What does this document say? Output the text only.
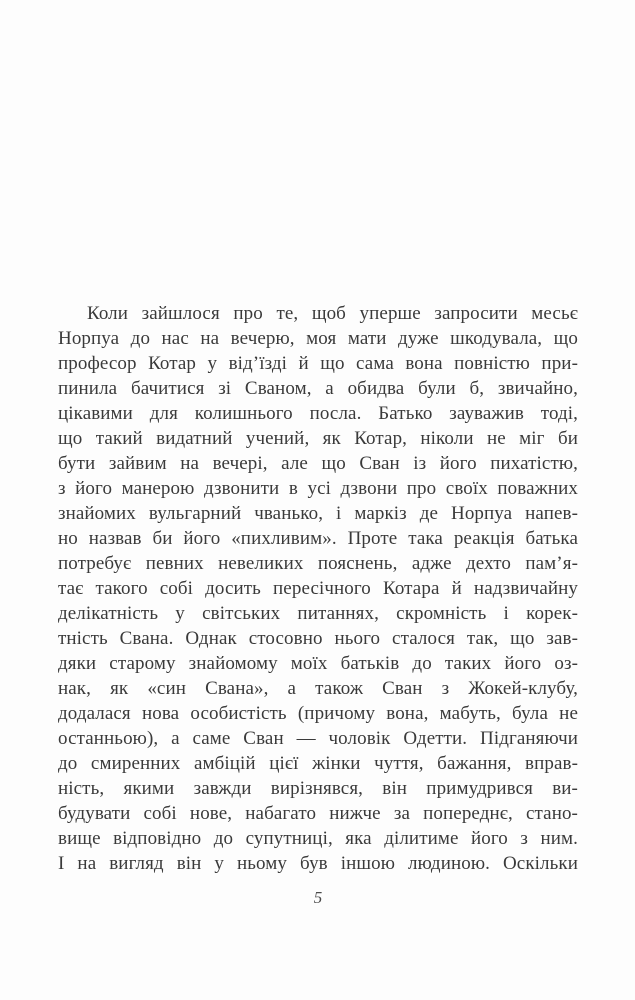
Коли зайшлося про те, щоб уперше запросити месьє
Норпуа до нас на вечерю, моя мати дуже шкодувала, що
професор Котар у від’їзді й що сама вона повністю при-
пинила бачитися зі Сваном, а обидва були б, звичайно,
цікавими для колишнього посла. Батько зауважив тоді,
що такий видатний учений, як Котар, ніколи не міг би
бути зайвим на вечері, але що Сван із його пихатістю,
з його манерою дзвонити в усі дзвони про своїх поважних
знайомих вульгарний чванько, і маркіз де Норпуа напев-
но назвав би його «пихливим». Проте така реакція батька
потребує певних невеликих пояснень, адже дехто пам’я-
тає такого собі досить пересічного Котара й надзвичайну
делікатність у світських питаннях, скромність і корек-
тність Свана. Однак стосовно нього сталося так, що зав-
дяки старому знайомому моїх батьків до таких його оз-
нак, як «син Свана», а також Сван з Жокей-клубу,
додалася нова особистість (причому вона, мабуть, була не
останньою), а саме Сван — чоловік Одетти. Підганяючи
до смиренних амбіцій цієї жінки чуття, бажання, вправ-
ність, якими завжди вирізнявся, він примудрився ви-
будувати собі нове, набагато нижче за попереднє, стано-
вище відповідно до супутниці, яка ділитиме його з ним.
І на вигляд він у ньому був іншою людиною. Оскільки
5
